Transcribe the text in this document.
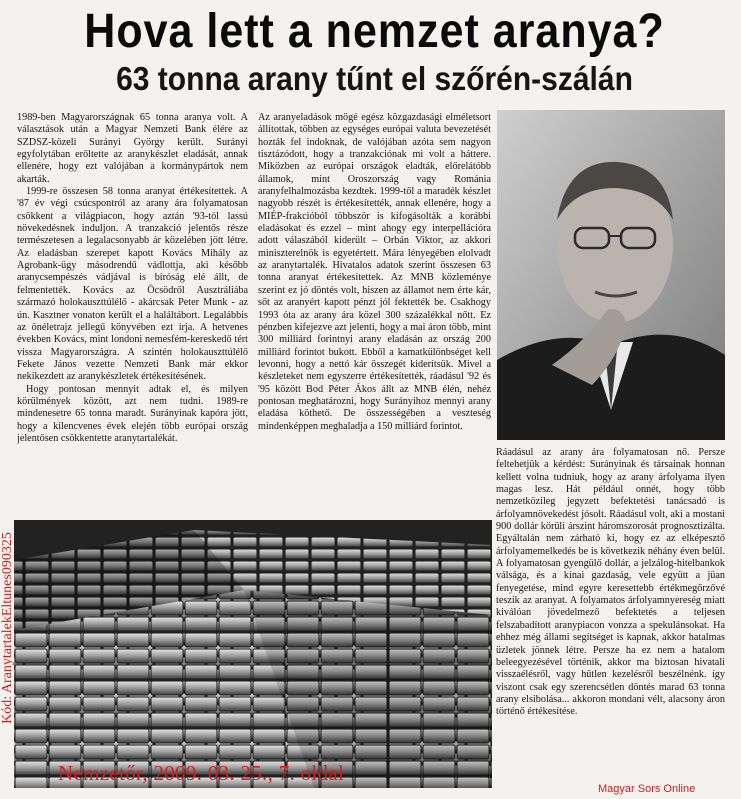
Hova lett a nemzet aranya?
63 tonna arany tűnt el szőrén-szálán

1989-ben Magyarországnak 65 tonna aranya volt. A választások után a Magyar Nemzeti Bank élére az SZDSZ-közeli Surányi György került. Surányi egyfolytában erőltette az aranykészlet eladását, annak ellenére, hogy ezt valójában a kormánypártok nem akarták.

1999-re összesen 58 tonna aranyat értékesítettek. A '87 év végi csúcspontról az arany ára folyamatosan csökkent a világpiacon, hogy aztán '93-tól lassú növekedésnek induljon. A tranzakció jelentős része természetesen a legalacsonyabb ár közelében jött létre. Az eladásban szerepet kapott Kovács Mihály az Agrobank-ügy másodrendű vádlottja, aki később aranycsempészés vádjával is bíróság elé állt, de felmentették. Kovács az Öcsödről Ausztráliába származó holokauszttúlélő - akárcsak Peter Munk - az ún. Kasztner vonaton került el a haláltábort. Legalábbis az önéletrajz jellegű könyvében ezt írja. A hetvenes években Kovács, mint londoni nemesfém-kereskedő tért vissza Magyarországra. A szintén holokauszttúlélő Fekete János vezette Nemzeti Bank már ekkor nekikezdett az aranykészletek értékesítésének.

Hogy pontosan mennyit adtak el, és milyen körülmények között, azt nem tudni. 1989-re mindenesetre 65 tonna maradt. Surányinak kapóra jött, hogy a kilencvenes évek elején több európai ország jelentősen csökkentette aranytartalékát.

Az aranyeladások mögé egész közgazdasági elméletsort állítottak, többen az egységes európai valuta bevezetését hozták fel indoknak, de valójában azóta sem nagyon tisztázódott, hogy a tranzakciónak mi volt a háttere. Miközben az európai országok eladták, előrelátóbb államok, mint Oroszország vagy Románia aranyfelhalmozásba kezdtek. 1999-től a maradék készlet nagyobb részét is értékesítették, annak ellenére, hogy a MIÉP-frakcióból többször is kifogásolták a korábbi eladásokat és ezzel – mint ahogy egy interpellációra adott válaszából kiderült – Orbán Viktor, az akkori miniszterelnök is egyetértett. Mára lényegében elolvadt az aranytartalék. Hivatalos adatok szerint összesen 63 tonna aranyat értékesítettek. Az MNB közleménye szerint ez jó döntés volt, hiszen az államot nem érte kár, sőt az aranyért kapott pénzt jól fektették be. Csakhogy 1993 óta az arany ára közel 300 százalékkal nőtt. Ez pénzben kifejezve azt jelenti, hogy a mai áron több, mint 300 milliárd forintnyi arany eladásán az ország 200 milliárd forintot bukott. Ebből a kamatkülönbséget kell levonni, hogy a nettó kár összegét kiderítsük. Mivel a készleteket nem egyszerre értékesítették, ráadásul '92 és '95 között Bod Péter Ákos állt az MNB élén, nehéz pontosan meghatározni, hogy Surányihoz mennyi arany eladása köthető. De összességében a veszteség mindenképpen meghaladja a 150 milliárd forintot.

Ráadásul az arany ára folyamatosan nő. Persze feltehetjük a kérdést: Surányinak és társainak honnan kellett volna tudniuk, hogy az arany árfolyama ilyen magas lesz. Hát például onnét, hogy több nemzetközileg jegyzett befektetési tanácsadó is árfolyamnövekedést jósolt. Ráadásul volt, aki a mostani 900 dollár körüli árszint háromszorosát prognosztizálta. Egyáltalán nem zárható ki, hogy ez az elképesztő árfolyamemelkedés be is következik néhány éven belül. A folyamatosan gyengülő dollár, a jelzálog-hitelbankok válsága, és a kínai gazdaság, vele együtt a jüan fenyegetése, mind egyre keresettebb értékmegőrzővé teszik az aranyat. A folyamatos árfolyamnyereség miatt kiválóan jövedelmező befektetés a teljesen felszabadított aranypiacon vonzza a spekulánsokat. Ha ehhez még állami segítséget is kapnak, akkor hatalmas üzletek jönnek létre. Persze ha ez nem a hatalom beleegyezésével történik, akkor ma biztosan hivatali visszaélésről, vagy hűtlen kezelésről beszélnénk. így viszont csak egy szerencsétlen döntés marad 63 tonna arany elsibolása... akkoron mondani vélt, alacsony áron történő értékesítése.

Kód: AranytartalekEltunes090325
Nemzetőr, 2009. 03. 25., 7. oldal
Magyar Sors Online
